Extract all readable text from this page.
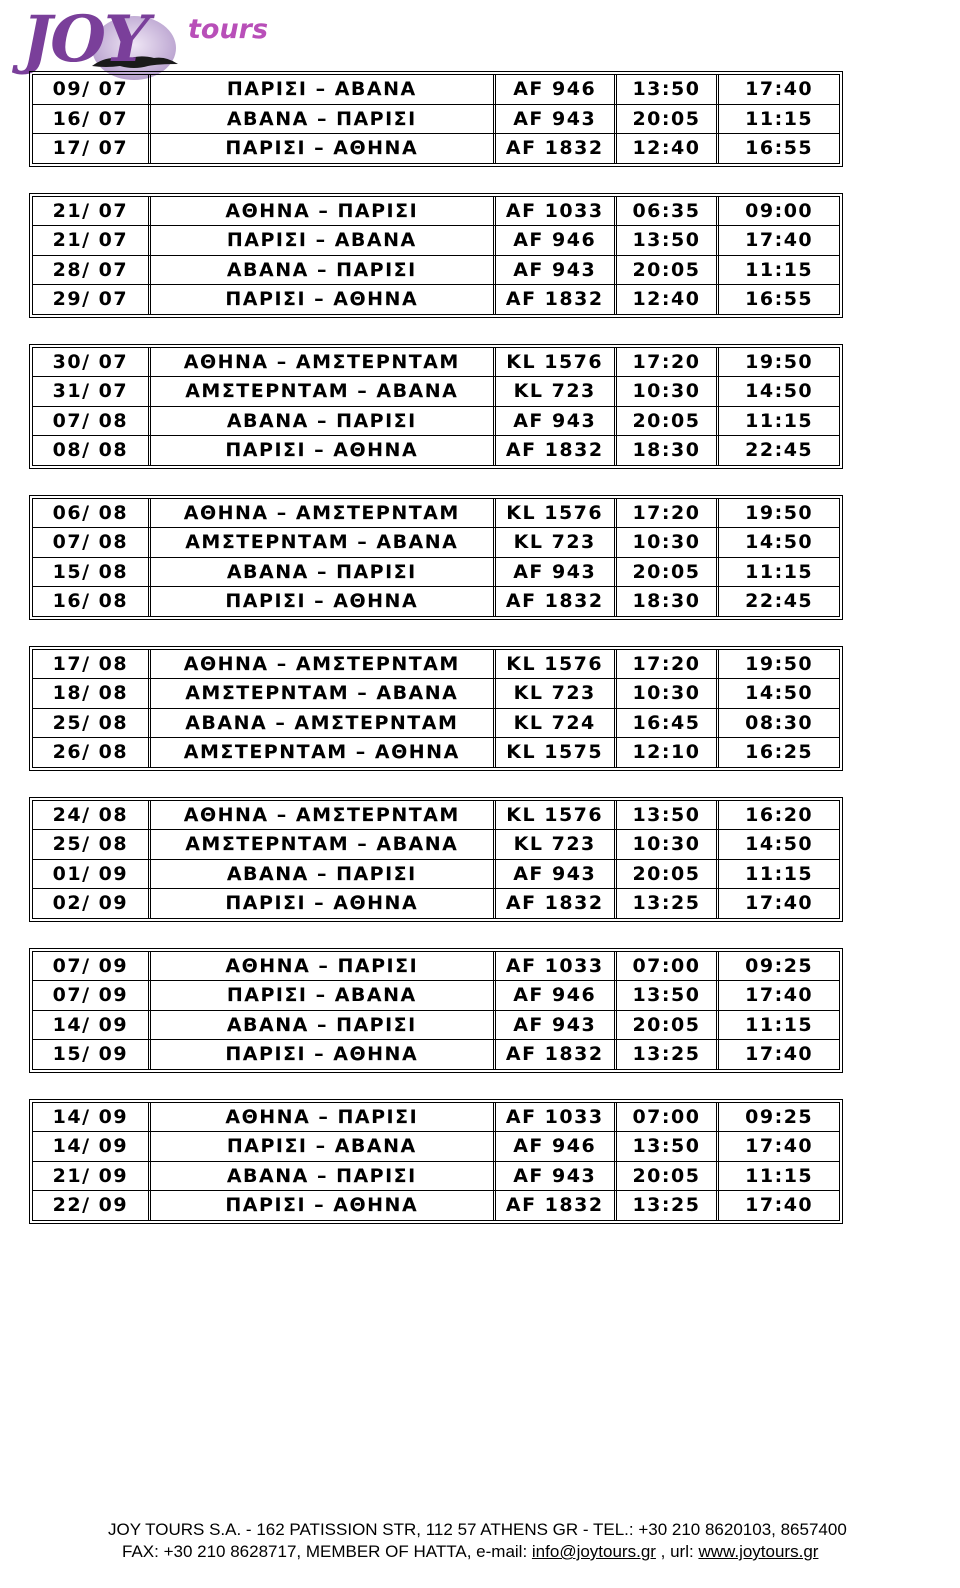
JOY tours
09/ 07	ΠΑΡΙΣΙ – ΑΒΑΝΑ	AF 946	13:50	17:40
16/ 07	ΑΒΑΝΑ – ΠΑΡΙΣΙ	AF 943	20:05	11:15
17/ 07	ΠΑΡΙΣΙ – ΑΘΗΝΑ	AF 1832	12:40	16:55
21/ 07	ΑΘΗΝΑ – ΠΑΡΙΣΙ	AF 1033	06:35	09:00
21/ 07	ΠΑΡΙΣΙ – ΑΒΑΝΑ	AF 946	13:50	17:40
28/ 07	ΑΒΑΝΑ – ΠΑΡΙΣΙ	AF 943	20:05	11:15
29/ 07	ΠΑΡΙΣΙ – ΑΘΗΝΑ	AF 1832	12:40	16:55
30/ 07	ΑΘΗΝΑ – ΑΜΣΤΕΡΝΤΑΜ	KL 1576	17:20	19:50
31/ 07	ΑΜΣΤΕΡΝΤΑΜ – ΑΒΑΝΑ	KL 723	10:30	14:50
07/ 08	ΑΒΑΝΑ – ΠΑΡΙΣΙ	AF 943	20:05	11:15
08/ 08	ΠΑΡΙΣΙ – ΑΘΗΝΑ	AF 1832	18:30	22:45
06/ 08	ΑΘΗΝΑ – ΑΜΣΤΕΡΝΤΑΜ	KL 1576	17:20	19:50
07/ 08	ΑΜΣΤΕΡΝΤΑΜ – ΑΒΑΝΑ	KL 723	10:30	14:50
15/ 08	ΑΒΑΝΑ – ΠΑΡΙΣΙ	AF 943	20:05	11:15
16/ 08	ΠΑΡΙΣΙ – ΑΘΗΝΑ	AF 1832	18:30	22:45
17/ 08	ΑΘΗΝΑ – ΑΜΣΤΕΡΝΤΑΜ	KL 1576	17:20	19:50
18/ 08	ΑΜΣΤΕΡΝΤΑΜ – ΑΒΑΝΑ	KL 723	10:30	14:50
25/ 08	ΑΒΑΝΑ – ΑΜΣΤΕΡΝΤΑΜ	KL 724	16:45	08:30
26/ 08	ΑΜΣΤΕΡΝΤΑΜ – ΑΘΗΝΑ	KL 1575	12:10	16:25
24/ 08	ΑΘΗΝΑ – ΑΜΣΤΕΡΝΤΑΜ	KL 1576	13:50	16:20
25/ 08	ΑΜΣΤΕΡΝΤΑΜ – ΑΒΑΝΑ	KL 723	10:30	14:50
01/ 09	ΑΒΑΝΑ – ΠΑΡΙΣΙ	AF 943	20:05	11:15
02/ 09	ΠΑΡΙΣΙ – ΑΘΗΝΑ	AF 1832	13:25	17:40
07/ 09	ΑΘΗΝΑ – ΠΑΡΙΣΙ	AF 1033	07:00	09:25
07/ 09	ΠΑΡΙΣΙ – ΑΒΑΝΑ	AF 946	13:50	17:40
14/ 09	ΑΒΑΝΑ – ΠΑΡΙΣΙ	AF 943	20:05	11:15
15/ 09	ΠΑΡΙΣΙ – ΑΘΗΝΑ	AF 1832	13:25	17:40
14/ 09	ΑΘΗΝΑ – ΠΑΡΙΣΙ	AF 1033	07:00	09:25
14/ 09	ΠΑΡΙΣΙ – ΑΒΑΝΑ	AF 946	13:50	17:40
21/ 09	ΑΒΑΝΑ – ΠΑΡΙΣΙ	AF 943	20:05	11:15
22/ 09	ΠΑΡΙΣΙ – ΑΘΗΝΑ	AF 1832	13:25	17:40
JOY TOURS S.A. - 162 PATISSION STR, 112 57 ATHENS GR - TEL.: +30 210 8620103, 8657400
FAX: +30 210 8628717, MEMBER OF HATTA, e-mail: info@joytours.gr , url: www.joytours.gr
